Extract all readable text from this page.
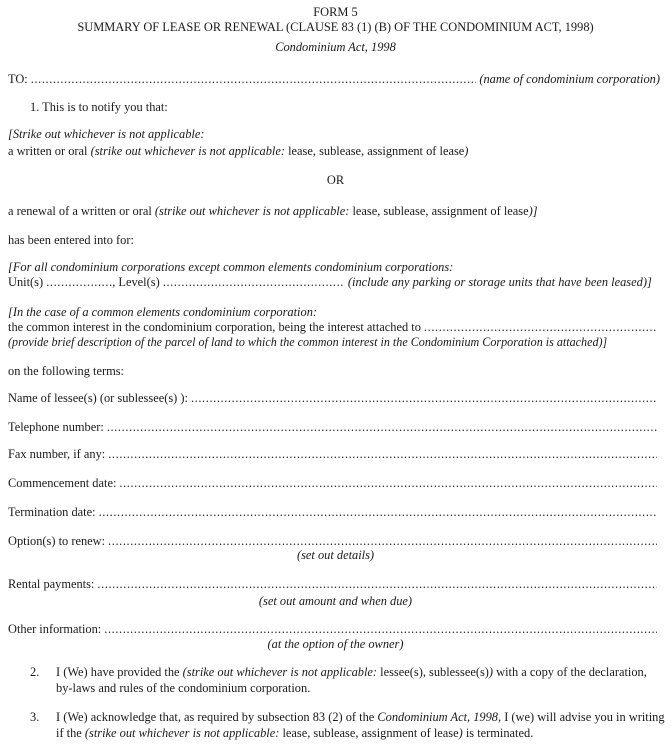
FORM 5
SUMMARY OF LEASE OR RENEWAL (CLAUSE 83 (1) (B) OF THE CONDOMINIUM ACT, 1998)
Condominium Act, 1998
TO: .....	(name of condominium corporation)
1. This is to notify you that:
[Strike out whichever is not applicable:
a written or oral (strike out whichever is not applicable: lease, sublease, assignment of lease)
OR
a renewal of a written or oral (strike out whichever is not applicable: lease, sublease, assignment of lease)]
has been entered into for:
[For all condominium corporations except common elements condominium corporations:
Unit(s) .....	, Level(s) .....	(include any parking or storage units that have been leased)]
[In the case of a common elements condominium corporation:
the common interest in the condominium corporation, being the interest attached to
.....
(provide brief description of the parcel of land to which the common interest in the Condominium Corporation is attached)]
on the following terms:
Name of lessee(s) (or sublessee(s) ):
.....
Telephone number:
.....
Fax number, if any:
.....
Commencement date:
.....
Termination date:
.....
Option(s) to renew:
.....
(set out details)
Rental payments:
.....
(set out amount and when due)
Other information:
.....
(at the option of the owner)
2. I (We) have provided the (strike out whichever is not applicable: lessee(s), sublessee(s)) with a copy of the declaration, by-laws and rules of the condominium corporation.
3. I (We) acknowledge that, as required by subsection 83 (2) of the Condominium Act, 1998, I (we) will advise you in writing if the (strike out whichever is not applicable: lease, sublease, assignment of lease) is terminated.
